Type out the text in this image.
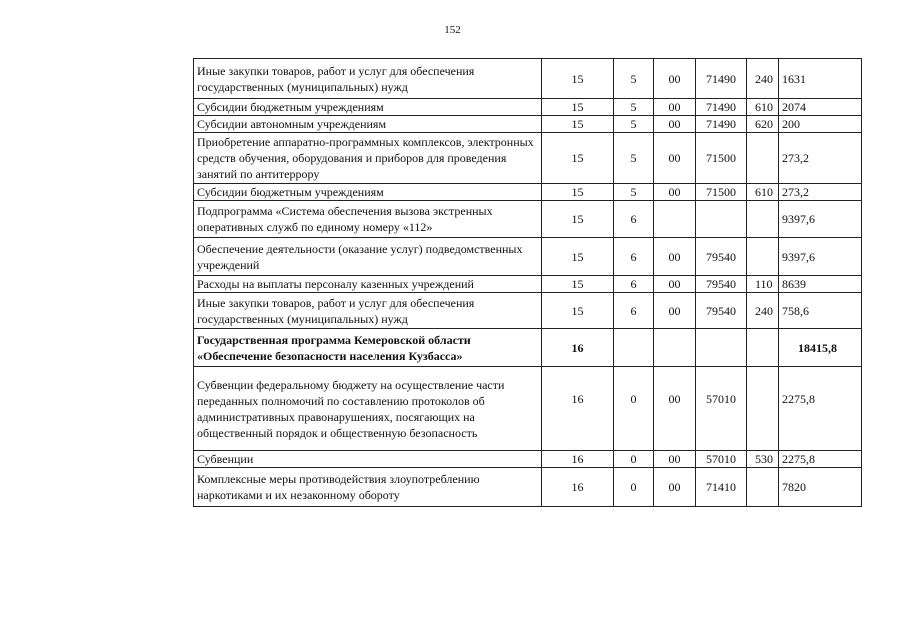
152
Иные закупки товаров, работ и услуг для обеспечения государственных (муниципальных) нужд	15	5	00	71490	240	1631
Субсидии бюджетным учреждениям	15	5	00	71490	610	2074
Субсидии автономным учреждениям	15	5	00	71490	620	200
Приобретение аппаратно-программных комплексов, электронных средств обучения, оборудования и приборов для проведения занятий по антитеррору	15	5	00	71500		273,2
Субсидии бюджетным учреждениям	15	5	00	71500	610	273,2
Подпрограмма «Система обеспечения вызова экстренных оперативных служб по единому номеру «112»	15	6				9397,6
Обеспечение деятельности (оказание услуг) подведомственных учреждений	15	6	00	79540		9397,6
Расходы на выплаты персоналу казенных учреждений	15	6	00	79540	110	8639
Иные закупки товаров, работ и услуг для обеспечения государственных (муниципальных) нужд	15	6	00	79540	240	758,6
Государственная программа Кемеровской области «Обеспечение безопасности населения Кузбасса»	16					18415,8
Субвенции федеральному бюджету на осуществление части переданных полномочий по составлению протоколов об административных правонарушениях, посягающих на общественный порядок и общественную безопасность	16	0	00	57010		2275,8
Субвенции	16	0	00	57010	530	2275,8
Комплексные меры противодействия злоупотреблению наркотиками и их незаконному обороту	16	0	00	71410		7820
